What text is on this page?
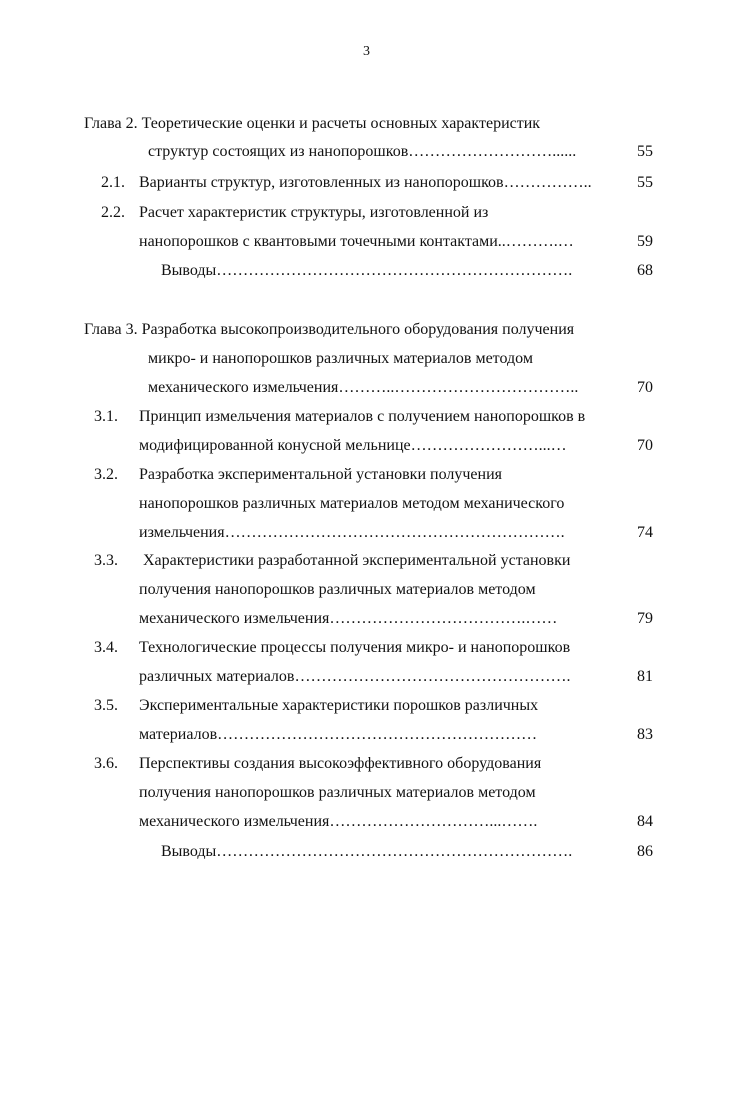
3
Глава 2. Теоретические оценки и расчеты основных характеристик
структур состоящих из нанопорошков………………………......	55
2.1. Варианты структур, изготовленных из нанопорошков……………..	55
2.2. Расчет характеристик структуры, изготовленной из
нанопорошков с квантовыми точечными контактами..……….…	59
Выводы………………………………………………………….	68
Глава 3. Разработка высокопроизводительного оборудования получения
микро- и нанопорошков различных материалов методом
механического измельчения………..……………………………..	70
3.1. Принцип измельчения материалов с получением нанопорошков в
модифицированной конусной мельнице……………………...…	70
3.2. Разработка экспериментальной установки получения
нанопорошков различных материалов методом механического
измельчения……………………………………………………….	74
3.3. Характеристики разработанной экспериментальной установки
получения нанопорошков различных материалов методом
механического измельчения……………………………….……	79
3.4. Технологические процессы получения микро- и нанопорошков
различных материалов…………………………………………….	81
3.5. Экспериментальные характеристики порошков различных
материалов……………………………………………………	83
3.6. Перспективы создания высокоэффективного оборудования
получения нанопорошков различных материалов методом
механического измельчения…………………………...…….	84
Выводы………………………………………………………….	86
